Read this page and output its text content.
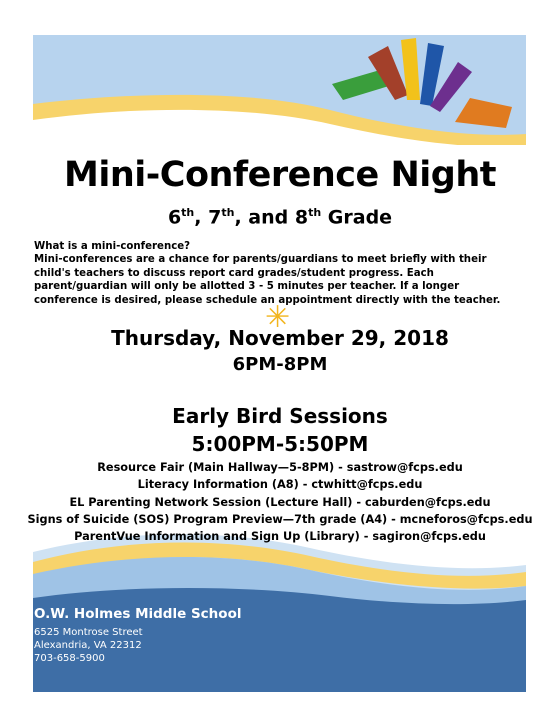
Mini-Conference Night
6th, 7th, and 8th Grade

What is a mini-conference?

Mini-conferences are a chance for parents/guardians to meet briefly with their child's teachers to discuss report card grades/student progress. Each parent/guardian will only be allotted 3 - 5 minutes per teacher. If a longer conference is desired, please schedule an appointment directly with the teacher.

✳
Thursday, November 29, 2018
6PM-8PM
Early Bird Sessions
5:00PM-5:50PM
Resource Fair (Main Hallway—5-8PM) - sastrow@fcps.edu
Literacy Information (A8) - ctwhitt@fcps.edu
EL Parenting Network Session (Lecture Hall) - caburden@fcps.edu
Signs of Suicide (SOS) Program Preview—7th grade (A4) - mcneforos@fcps.edu
ParentVue Information and Sign Up (Library) - sagiron@fcps.edu
O.W. Holmes Middle School
6525 Montrose Street
Alexandria, VA 22312
703-658-5900
